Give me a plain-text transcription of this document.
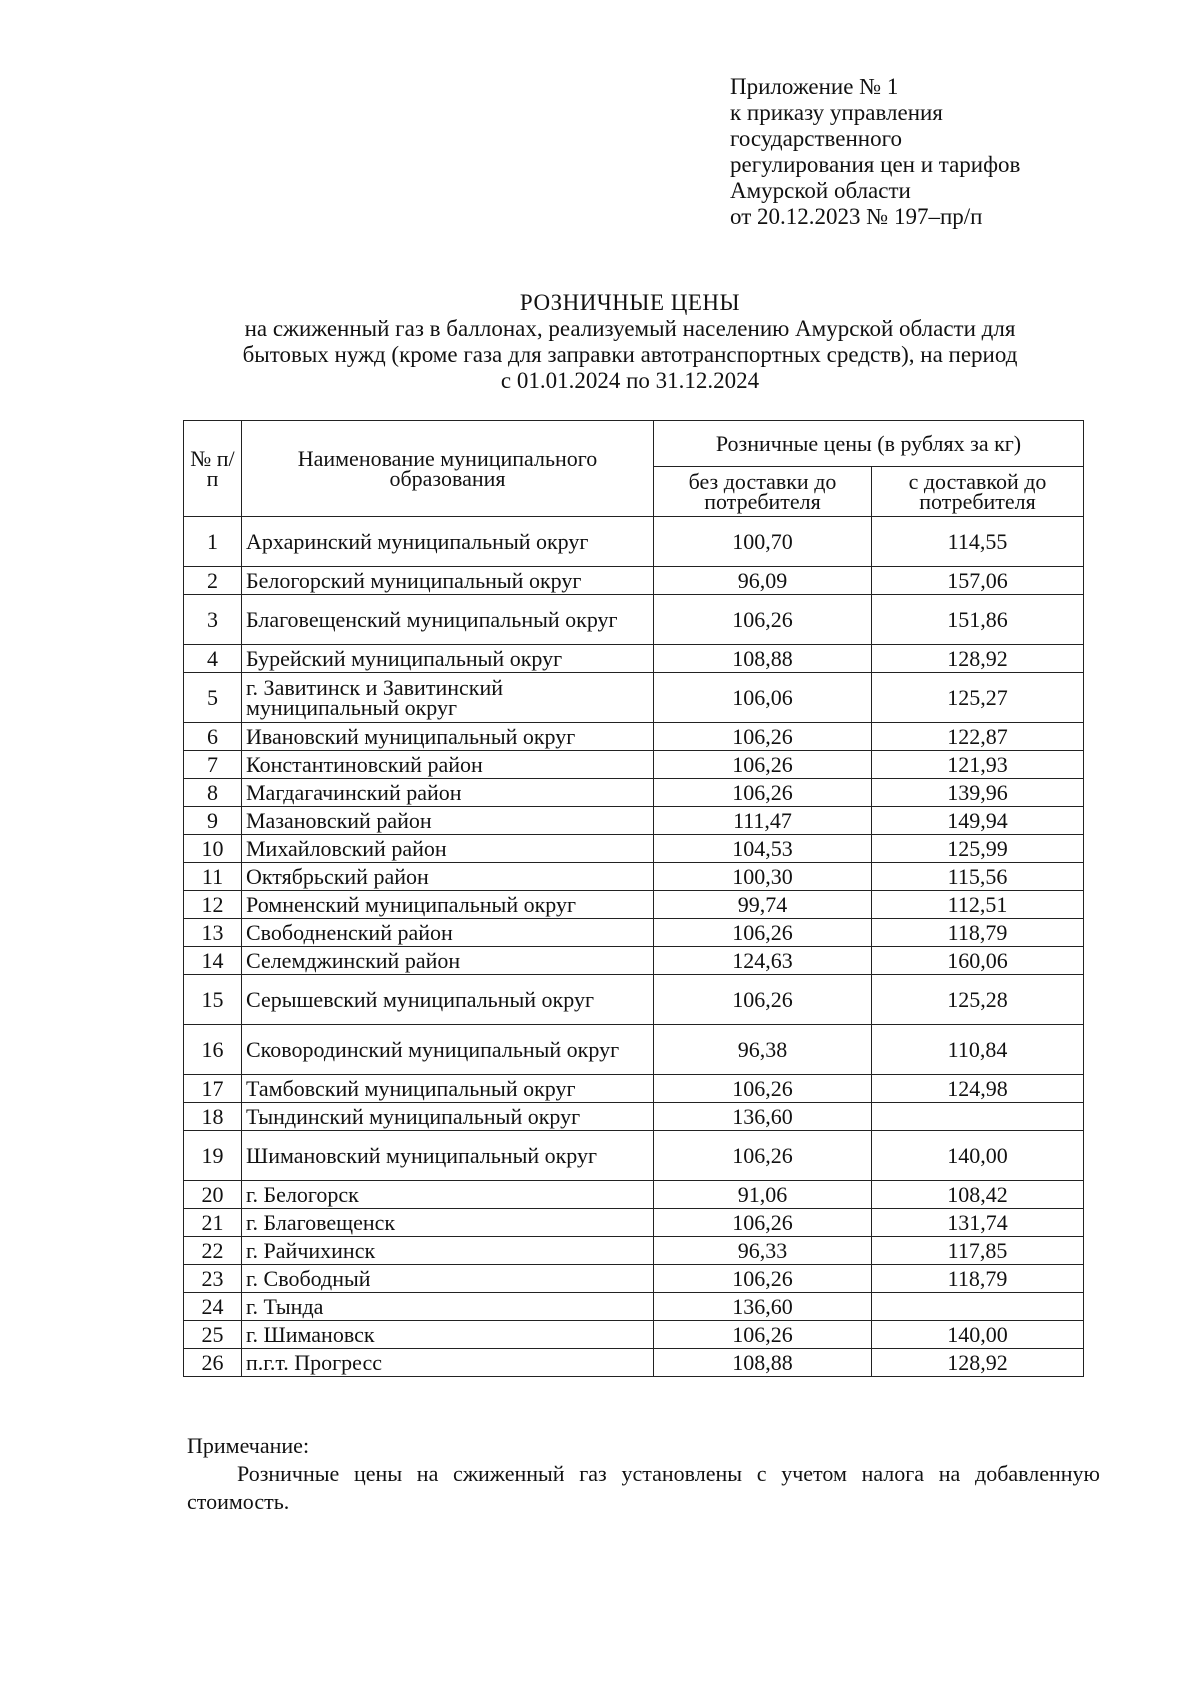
Приложение № 1
к приказу управления
государственного
регулирования цен и тарифов
Амурской области
от 20.12.2023 № 197–пр/п
РОЗНИЧНЫЕ ЦЕНЫ
на сжиженный газ в баллонах, реализуемый населению Амурской области для
бытовых нужд (кроме газа для заправки автотранспортных средств), на период
с 01.01.2024 по 31.12.2024
№ п/п	Наименование муниципального образования	Розничные цены (в рублях за кг)	
		без доставки до потребителя	с доставкой до потребителя
1	Архаринский муниципальный округ	100,70	114,55
2	Белогорский муниципальный округ	96,09	157,06
3	Благовещенский муниципальный округ	106,26	151,86
4	Бурейский муниципальный округ	108,88	128,92
5	г. Завитинск и Завитинский муниципальный округ	106,06	125,27
6	Ивановский муниципальный округ	106,26	122,87
7	Константиновский район	106,26	121,93
8	Магдагачинский район	106,26	139,96
9	Мазановский район	111,47	149,94
10	Михайловский район	104,53	125,99
11	Октябрьский район	100,30	115,56
12	Ромненский муниципальный округ	99,74	112,51
13	Свободненский район	106,26	118,79
14	Селемджинский район	124,63	160,06
15	Серышевский муниципальный округ	106,26	125,28
16	Сковородинский муниципальный округ	96,38	110,84
17	Тамбовский муниципальный округ	106,26	124,98
18	Тындинский муниципальный округ	136,60	
19	Шимановский муниципальный округ	106,26	140,00
20	г. Белогорск	91,06	108,42
21	г. Благовещенск	106,26	131,74
22	г. Райчихинск	96,33	117,85
23	г. Свободный	106,26	118,79
24	г. Тында	136,60	
25	г. Шимановск	106,26	140,00
26	п.г.т. Прогресс	108,88	128,92
Примечание:
Розничные цены на сжиженный газ установлены с учетом налога на добавленную стоимость.
